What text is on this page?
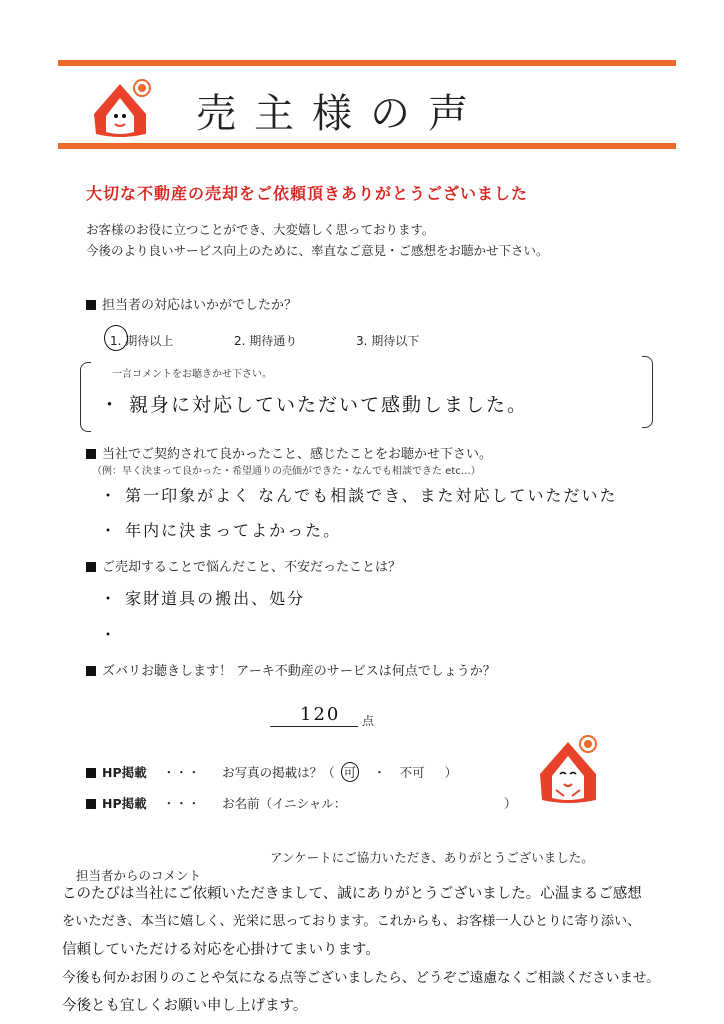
売主様の声
大切な不動産の売却をご依頼頂きありがとうございました
お客様のお役に立つことができ、大変嬉しく思っております。
今後のより良いサービス向上のために、率直なご意見・ご感想をお聴かせ下さい。
担当者の対応はいかがでしたか？
1. 期待以上	2. 期待通り	3. 期待以下
一言コメントをお聴きかせ下さい。
・ 親身に対応していただいて感動しました。
当社でご契約されて良かったこと、感じたことをお聴かせ下さい。
（例：早く決まって良かった・希望通りの売価ができた・なんでも相談できた etc…）
・ 第一印象がよく なんでも相談でき、また対応していただいた
・ 年内に決まってよかった。
ご売却することで悩んだこと、不安だったことは？
・ 家財道具の搬出、処分
・
ズバリお聴きします！ アーキ不動産のサービスは何点でしょうか？
120 点
HP掲載 ・・・ お写真の掲載は？（ 可 ・ 不可 ）
HP掲載 ・・・ お名前（イニシャル：	）
アンケートにご協力いただき、ありがとうございました。
担当者からのコメント
このたびは当社にご依頼いただきまして、誠にありがとうございました。心温まるご感想
をいただき、本当に嬉しく、光栄に思っております。これからも、お客様一人ひとりに寄り添い、
信頼していただける対応を心掛けてまいります。
今後も何かお困りのことや気になる点等ございましたら、どうぞご遠慮なくご相談くださいませ。
今後とも宜しくお願い申し上げます。
